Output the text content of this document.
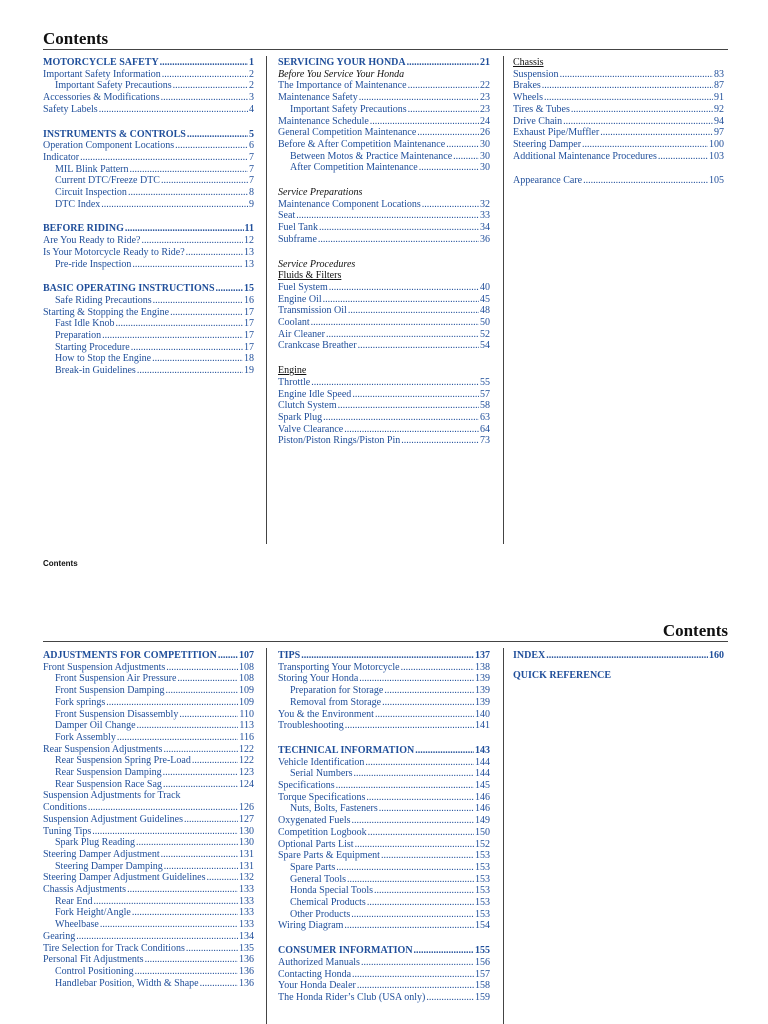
Contents
MOTORCYCLE SAFETY .....	1
Important Safety Information .....	2
Important Safety Precautions .....	2
Accessories & Modifications .....	3
Safety Labels .....	4
INSTRUMENTS & CONTROLS .....	5
Operation Component Locations .....	6
Indicator .....	7
MIL Blink Pattern .....	7
Current DTC/Freeze DTC .....	7
Circuit Inspection .....	8
DTC Index .....	9
BEFORE RIDING .....	11
Are You Ready to Ride? .....	12
Is Your Motorcycle Ready to Ride? .....	13
Pre-ride Inspection .....	13
BASIC OPERATING INSTRUCTIONS .....	15
Safe Riding Precautions .....	16
Starting & Stopping the Engine .....	17
Fast Idle Knob .....	17
Preparation .....	17
Starting Procedure .....	17
How to Stop the Engine .....	18
Break-in Guidelines .....	19
SERVICING YOUR HONDA .....	21
Before You Service Your Honda
The Importance of Maintenance .....	22
Maintenance Safety .....	23
Important Safety Precautions .....	23
Maintenance Schedule .....	24
General Competition Maintenance .....	26
Before & After Competition Maintenance .....	30
Between Motos & Practice Maintenance .....	30
After Competition Maintenance .....	30
Service Preparations
Maintenance Component Locations .....	32
Seat .....	33
Fuel Tank .....	34
Subframe .....	36
Service Procedures
Fluids & Filters
Fuel System .....	40
Engine Oil .....	45
Transmission Oil .....	48
Coolant .....	50
Air Cleaner .....	52
Crankcase Breather .....	54
Engine
Throttle .....	55
Engine Idle Speed .....	57
Clutch System .....	58
Spark Plug .....	63
Valve Clearance .....	64
Piston/Piston Rings/Piston Pin .....	73
Chassis
Suspension .....	83
Brakes .....	87
Wheels .....	91
Tires & Tubes .....	92
Drive Chain .....	94
Exhaust Pipe/Muffler .....	97
Steering Damper .....	100
Additional Maintenance Procedures .....	103
Appearance Care .....	105
Contents
Contents
ADJUSTMENTS FOR COMPETITION ..... 107
Front Suspension Adjustments .....	108
Front Suspension Air Pressure .....	108
Front Suspension Damping .....	109
Fork springs .....	109
Front Suspension Disassembly .....	110
Damper Oil Change .....	113
Fork Assembly .....	116
Rear Suspension Adjustments .....	122
Rear Suspension Spring Pre-Load .....	122
Rear Suspension Damping .....	123
Rear Suspension Race Sag .....	124
Suspension Adjustments for Track
Conditions .....	126
Suspension Adjustment Guidelines .....	127
Tuning Tips .....	130
Spark Plug Reading .....	130
Steering Damper Adjustment .....	131
Steering Damper Damping .....	131
Steering Damper Adjustment Guidelines .....	132
Chassis Adjustments .....	133
Rear End .....	133
Fork Height/Angle .....	133
Wheelbase .....	133
Gearing .....	134
Tire Selection for Track Conditions .....	135
Personal Fit Adjustments .....	136
Control Positioning .....	136
Handlebar Position, Width & Shape .....	136
TIPS .....	137
Transporting Your Motorcycle .....	138
Storing Your Honda .....	139
Preparation for Storage .....	139
Removal from Storage .....	139
You & the Environment .....	140
Troubleshooting .....	141
TECHNICAL INFORMATION .....	143
Vehicle Identification .....	144
Serial Numbers .....	144
Specifications .....	145
Torque Specifications .....	146
Nuts, Bolts, Fasteners .....	146
Oxygenated Fuels .....	149
Competition Logbook .....	150
Optional Parts List .....	152
Spare Parts & Equipment .....	153
Spare Parts .....	153
General Tools .....	153
Honda Special Tools .....	153
Chemical Products .....	153
Other Products .....	153
Wiring Diagram .....	154
CONSUMER INFORMATION .....	155
Authorized Manuals .....	156
Contacting Honda .....	157
Your Honda Dealer .....	158
The Honda Rider’s Club (USA only) .....	159
INDEX .....	160
QUICK REFERENCE
